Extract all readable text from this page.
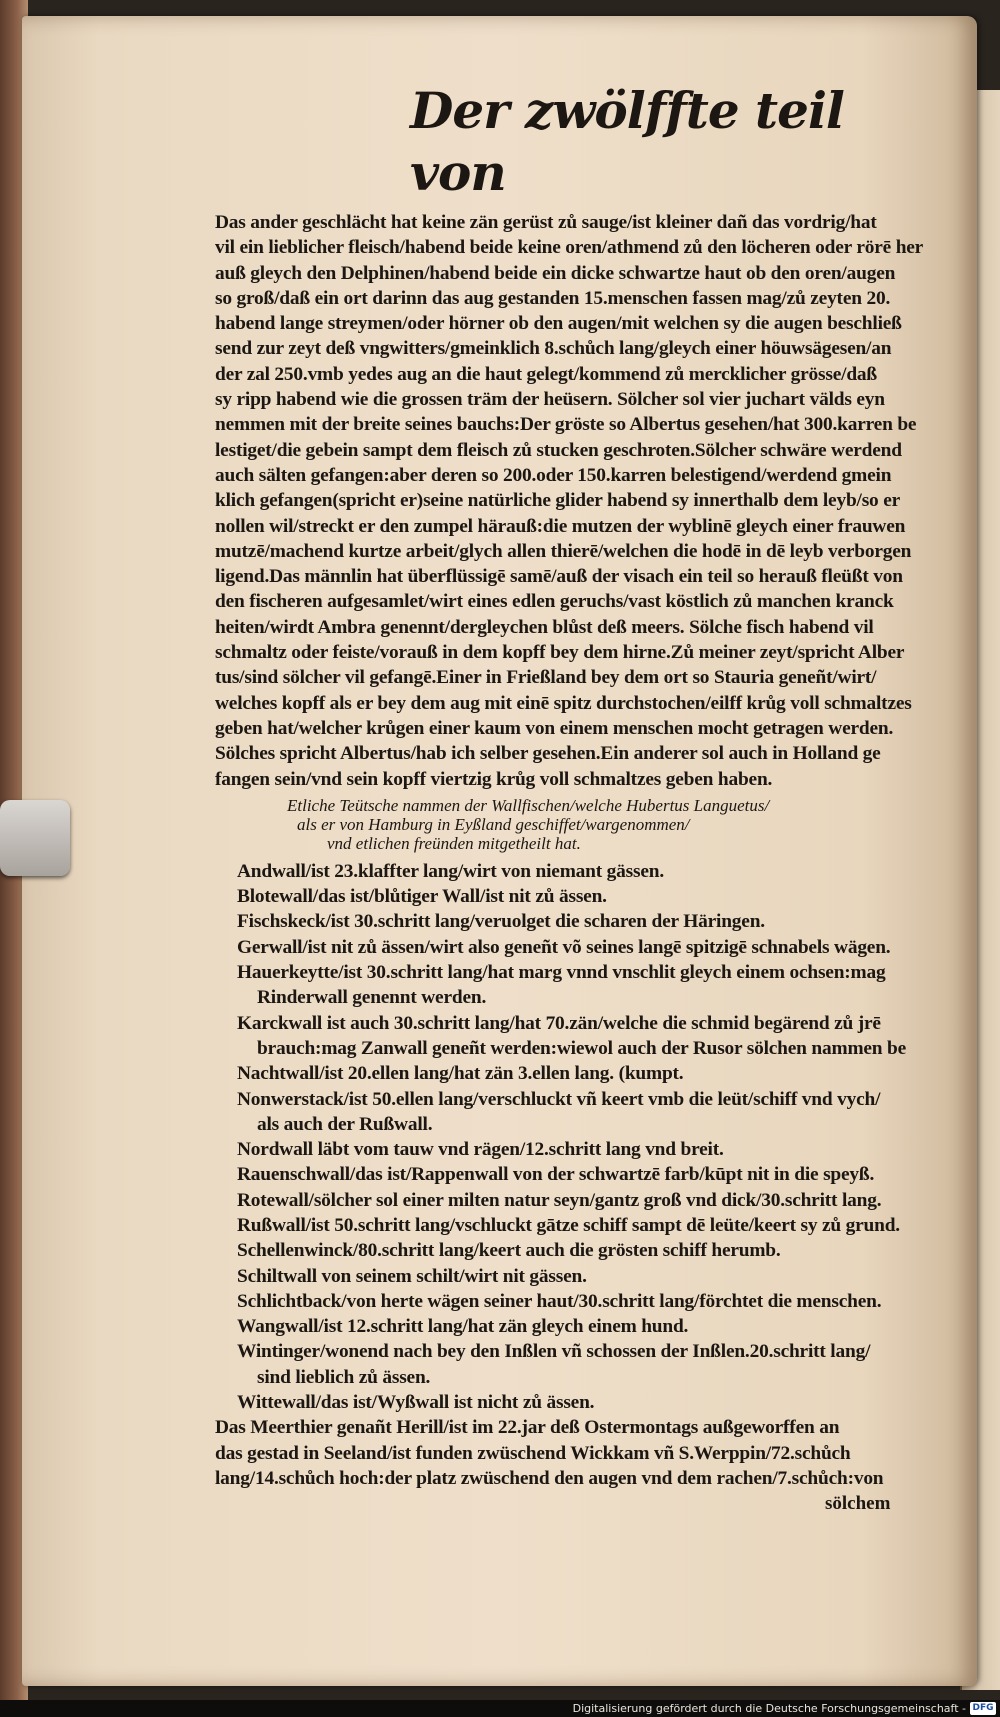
Der zwölffte teil von
Das ander geschlächt hat keine zän gerüst zů sauge/ist kleiner dañ das vordrig/hat
vil ein lieblicher fleisch/habend beide keine oren/athmend zů den löcheren oder rörē her
auß gleych den Delphinen/habend beide ein dicke schwartze haut ob den oren/augen
so groß/daß ein ort darinn das aug gestanden 15.menschen fassen mag/zů zeyten 20.
habend lange streymen/oder hörner ob den augen/mit welchen sy die augen beschließ
send zur zeyt deß vngwitters/gmeinklich 8.schůch lang/gleych einer höuwsägesen/an
der zal 250.vmb yedes aug an die haut gelegt/kommend zů mercklicher grösse/daß
sy ripp habend wie die grossen träm der heüsern. Sölcher sol vier juchart välds eyn
nemmen mit der breite seines bauchs:Der gröste so Albertus gesehen/hat 300.karren be
lestiget/die gebein sampt dem fleisch zů stucken geschroten.Sölcher schwäre werdend
auch sälten gefangen:aber deren so 200.oder 150.karren belestigend/werdend gmein
klich gefangen(spricht er)seine natürliche glider habend sy innerthalb dem leyb/so er
nollen wil/streckt er den zumpel härauß:die mutzen der wyblinē gleych einer frauwen
mutzē/machend kurtze arbeit/glych allen thierē/welchen die hodē in dē leyb verborgen
ligend.Das männlin hat überflüssigē samē/auß der visach ein teil so herauß fleüßt von
den fischeren aufgesamlet/wirt eines edlen geruchs/vast köstlich zů manchen kranck
heiten/wirdt Ambra genennt/dergleychen blůst deß meers. Sölche fisch habend vil
schmaltz oder feiste/vorauß in dem kopff bey dem hirne.Zů meiner zeyt/spricht Alber
tus/sind sölcher vil gefangē.Einer in Frießland bey dem ort so Stauria geneñt/wirt/
welches kopff als er bey dem aug mit einē spitz durchstochen/eilff krůg voll schmaltzes
geben hat/welcher krůgen einer kaum von einem menschen mocht getragen werden.
Sölches spricht Albertus/hab ich selber gesehen.Ein anderer sol auch in Holland ge
fangen sein/vnd sein kopff viertzig krůg voll schmaltzes geben haben.
Etliche Teütsche nammen der Wallfischen/welche Hubertus Languetus/
als er von Hamburg in Eyßland geschiffet/wargenommen/
vnd etlichen freünden mitgetheilt hat.
Andwall/ist 23.klaffter lang/wirt von niemant gässen.
Blotewall/das ist/blůtiger Wall/ist nit zů ässen.
Fischskeck/ist 30.schritt lang/veruolget die scharen der Häringen.
Gerwall/ist nit zů ässen/wirt also geneñt võ seines langē spitzigē schnabels wägen.
Hauerkeytte/ist 30.schritt lang/hat marg vnnd vnschlit gleych einem ochsen:mag
Rinderwall genennt werden.
Karckwall ist auch 30.schritt lang/hat 70.zän/welche die schmid begärend zů jrē
brauch:mag Zanwall geneñt werden:wiewol auch der Rusor sölchen nammen be
Nachtwall/ist 20.ellen lang/hat zän 3.ellen lang. (kumpt.
Nonwerstack/ist 50.ellen lang/verschluckt vñ keert vmb die leüt/schiff vnd vych/
als auch der Rußwall.
Nordwall läbt vom tauw vnd rägen/12.schritt lang vnd breit.
Rauenschwall/das ist/Rappenwall von der schwartzē farb/kūpt nit in die speyß.
Rotewall/sölcher sol einer milten natur seyn/gantz groß vnd dick/30.schritt lang.
Rußwall/ist 50.schritt lang/vschluckt gātze schiff sampt dē leüte/keert sy zů grund.
Schellenwinck/80.schritt lang/keert auch die grösten schiff herumb.
Schiltwall von seinem schilt/wirt nit gässen.
Schlichtback/von herte wägen seiner haut/30.schritt lang/förchtet die menschen.
Wangwall/ist 12.schritt lang/hat zän gleych einem hund.
Wintinger/wonend nach bey den Inßlen vñ schossen der Inßlen.20.schritt lang/
sind lieblich zů ässen.
Wittewall/das ist/Wyßwall ist nicht zů ässen.
Das Meerthier genañt Herill/ist im 22.jar deß Ostermontags außgeworffen an
das gestad in Seeland/ist funden zwüschend Wickkam vñ S.Werppin/72.schůch
lang/14.schůch hoch:der platz zwüschend den augen vnd dem rachen/7.schůch:von
sölchem
Digitalisierung gefördert durch die Deutsche Forschungsgemeinschaft - DFG
